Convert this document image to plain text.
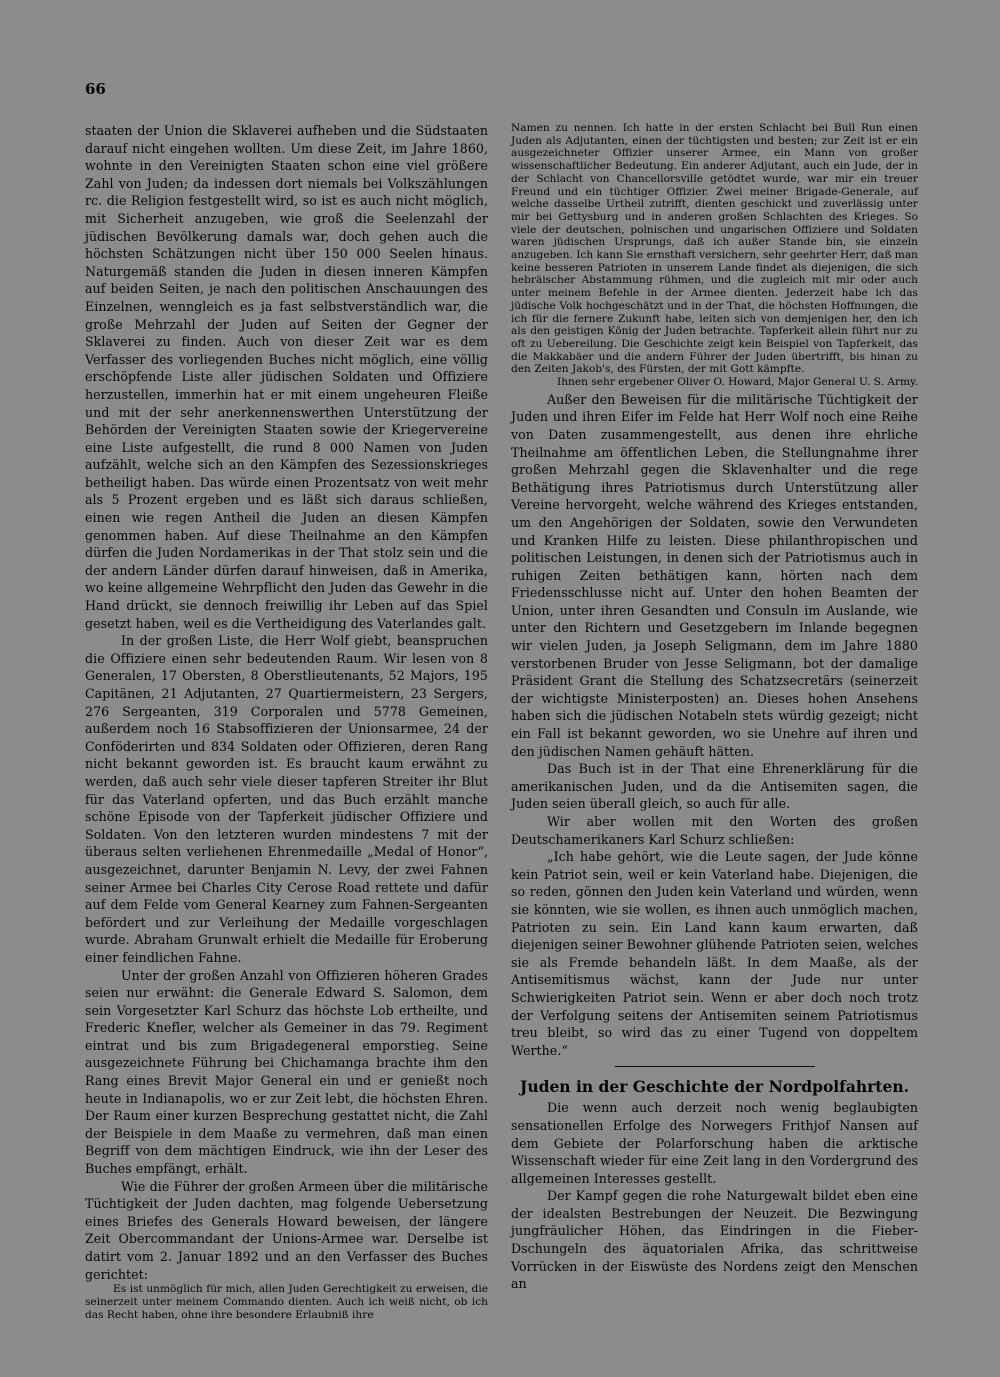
66

staaten der Union die Sklaverei aufheben und die Südstaaten darauf nicht eingehen wollten. Um diese Zeit, im Jahre 1860, wohnte in den Vereinigten Staaten schon eine viel größere Zahl von Juden; da indessen dort niemals bei Volkszählungen rc. die Religion festgestellt wird, so ist es auch nicht möglich, mit Sicherheit anzugeben, wie groß die Seelenzahl der jüdischen Bevölkerung damals war, doch gehen auch die höchsten Schätzungen nicht über 150 000 Seelen hinaus. Naturgemäß standen die Juden in diesen inneren Kämpfen auf beiden Seiten, je nach den politischen Anschauungen des Einzelnen, wenngleich es ja fast selbstverständlich war, die große Mehrzahl der Juden auf Seiten der Gegner der Sklaverei zu finden. Auch von dieser Zeit war es dem Verfasser des vorliegenden Buches nicht möglich, eine völlig erschöpfende Liste aller jüdischen Soldaten und Offiziere herzustellen, immerhin hat er mit einem ungeheuren Fleiße und mit der sehr anerkennenswerthen Unterstützung der Behörden der Vereinigten Staaten sowie der Kriegervereine eine Liste aufgestellt, die rund 8 000 Namen von Juden aufzählt, welche sich an den Kämpfen des Sezessionskrieges betheiligt haben. Das würde einen Prozentsatz von weit mehr als 5 Prozent ergeben und es läßt sich daraus schließen, einen wie regen Antheil die Juden an diesen Kämpfen genommen haben. Auf diese Theilnahme an den Kämpfen dürfen die Juden Nordamerikas in der That stolz sein und die der andern Länder dürfen darauf hinweisen, daß in Amerika, wo keine allgemeine Wehrpflicht den Juden das Gewehr in die Hand drückt, sie dennoch freiwillig ihr Leben auf das Spiel gesetzt haben, weil es die Vertheidigung des Vaterlandes galt.

In der großen Liste, die Herr Wolf giebt, beanspruchen die Offiziere einen sehr bedeutenden Raum. Wir lesen von 8 Generalen, 17 Obersten, 8 Oberstlieutenants, 52 Majors, 195 Capitänen, 21 Adjutanten, 27 Quartiermeistern, 23 Sergers, 276 Sergeanten, 319 Corporalen und 5778 Gemeinen, außerdem noch 16 Stabsoffizieren der Unionsarmee, 24 der Conföderirten und 834 Soldaten oder Offizieren, deren Rang nicht bekannt geworden ist. Es braucht kaum erwähnt zu werden, daß auch sehr viele dieser tapferen Streiter ihr Blut für das Vaterland opferten, und das Buch erzählt manche schöne Episode von der Tapferkeit jüdischer Offiziere und Soldaten. Von den letzteren wurden mindestens 7 mit der überaus selten verliehenen Ehrenmedaille „Medal of Honor“, ausgezeichnet, darunter Benjamin N. Levy, der zwei Fahnen seiner Armee bei Charles City Cerose Road rettete und dafür auf dem Felde vom General Kearney zum Fahnen-Sergeanten befördert und zur Verleihung der Medaille vorgeschlagen wurde. Abraham Grunwalt erhielt die Medaille für Eroberung einer feindlichen Fahne.

Unter der großen Anzahl von Offizieren höheren Grades seien nur erwähnt: die Generale Edward S. Salomon, dem sein Vorgesetzter Karl Schurz das höchste Lob ertheilte, und Frederic Knefler, welcher als Gemeiner in das 79. Regiment eintrat und bis zum Brigadegeneral emporstieg. Seine ausgezeichnete Führung bei Chichamanga brachte ihm den Rang eines Brevit Major General ein und er genießt noch heute in Indianapolis, wo er zur Zeit lebt, die höchsten Ehren. Der Raum einer kurzen Besprechung gestattet nicht, die Zahl der Beispiele in dem Maaße zu vermehren, daß man einen Begriff von dem mächtigen Eindruck, wie ihn der Leser des Buches empfängt, erhält.

Wie die Führer der großen Armeen über die militärische Tüchtigkeit der Juden dachten, mag folgende Uebersetzung eines Briefes des Generals Howard beweisen, der längere Zeit Obercommandant der Unions-Armee war. Derselbe ist datirt vom 2. Januar 1892 und an den Verfasser des Buches gerichtet:

Es ist unmöglich für mich, allen Juden Gerechtigkeit zu erweisen, die seinerzeit unter meinem Commando dienten. Auch ich weiß nicht, ob ich das Recht haben, ohne ihre besondere Erlaubniß ihre

Namen zu nennen. Ich hatte in der ersten Schlacht bei Bull Run einen Juden als Adjutanten, einen der tüchtigsten und besten; zur Zeit ist er ein ausgezeichneter Offizier unserer Armee, ein Mann von großer wissenschaftlicher Bedeutung. Ein anderer Adjutant, auch ein Jude, der in der Schlacht von Chancellorsville getödtet wurde, war mir ein treuer Freund und ein tüchtiger Offizier. Zwei meiner Brigade-Generale, auf welche dasselbe Urtheil zutrifft, dienten geschickt und zuverlässig unter mir bei Gettysburg und in anderen großen Schlachten des Krieges. So viele der deutschen, polnischen und ungarischen Offiziere und Soldaten waren jüdischen Ursprungs, daß ich außer Stande bin, sie einzeln anzugeben. Ich kann Sie ernsthaft versichern, sehr geehrter Herr, daß man keine besseren Patrioten in unserem Lande findet als diejenigen, die sich hebräischer Abstammung rühmen, und die zugleich mit mir oder auch unter meinem Befehle in der Armee dienten. Jederzeit habe ich das jüdische Volk hochgeschätzt und in der That, die höchsten Hoffnungen, die ich für die fernere Zukunft habe, leiten sich von demjenigen her, den ich als den geistigen König der Juden betrachte. Tapferkeit allein führt nur zu oft zu Uebereilung. Die Geschichte zeigt kein Beispiel von Tapferkeit, das die Makkabäer und die andern Führer der Juden übertrifft, bis hinan zu den Zeiten Jakob's, des Fürsten, der mit Gott kämpfte.

Ihnen sehr ergebener Oliver O. Howard, Major General U. S. Army.

Außer den Beweisen für die militärische Tüchtigkeit der Juden und ihren Eifer im Felde hat Herr Wolf noch eine Reihe von Daten zusammengestellt, aus denen ihre ehrliche Theilnahme am öffentlichen Leben, die Stellungnahme ihrer großen Mehrzahl gegen die Sklavenhalter und die rege Bethätigung ihres Patriotismus durch Unterstützung aller Vereine hervorgeht, welche während des Krieges entstanden, um den Angehörigen der Soldaten, sowie den Verwundeten und Kranken Hilfe zu leisten. Diese philanthropischen und politischen Leistungen, in denen sich der Patriotismus auch in ruhigen Zeiten bethätigen kann, hörten nach dem Friedensschlusse nicht auf. Unter den hohen Beamten der Union, unter ihren Gesandten und Consuln im Auslande, wie unter den Richtern und Gesetzgebern im Inlande begegnen wir vielen Juden, ja Joseph Seligmann, dem im Jahre 1880 verstorbenen Bruder von Jesse Seligmann, bot der damalige Präsident Grant die Stellung des Schatzsecretärs (seinerzeit der wichtigste Ministerposten) an. Dieses hohen Ansehens haben sich die jüdischen Notabeln stets würdig gezeigt; nicht ein Fall ist bekannt geworden, wo sie Unehre auf ihren und den jüdischen Namen gehäuft hätten.

Das Buch ist in der That eine Ehrenerklärung für die amerikanischen Juden, und da die Antisemiten sagen, die Juden seien überall gleich, so auch für alle.

Wir aber wollen mit den Worten des großen Deutschamerikaners Karl Schurz schließen:

„Ich habe gehört, wie die Leute sagen, der Jude könne kein Patriot sein, weil er kein Vaterland habe. Diejenigen, die so reden, gönnen den Juden kein Vaterland und würden, wenn sie könnten, wie sie wollen, es ihnen auch unmöglich machen, Patrioten zu sein. Ein Land kann kaum erwarten, daß diejenigen seiner Bewohner glühende Patrioten seien, welches sie als Fremde behandeln läßt. In dem Maaße, als der Antisemitismus wächst, kann der Jude nur unter Schwierigkeiten Patriot sein. Wenn er aber doch noch trotz der Verfolgung seitens der Antisemiten seinem Patriotismus treu bleibt, so wird das zu einer Tugend von doppeltem Werthe.“

Juden in der Geschichte der Nordpolfahrten.

Die wenn auch derzeit noch wenig beglaubigten sensationellen Erfolge des Norwegers Frithjof Nansen auf dem Gebiete der Polarforschung haben die arktische Wissenschaft wieder für eine Zeit lang in den Vordergrund des allgemeinen Interesses gestellt.

Der Kampf gegen die rohe Naturgewalt bildet eben eine der idealsten Bestrebungen der Neuzeit. Die Bezwingung jungfräulicher Höhen, das Eindringen in die Fieber-Dschungeln des äquatorialen Afrika, das schrittweise Vorrücken in der Eiswüste des Nordens zeigt den Menschen an
